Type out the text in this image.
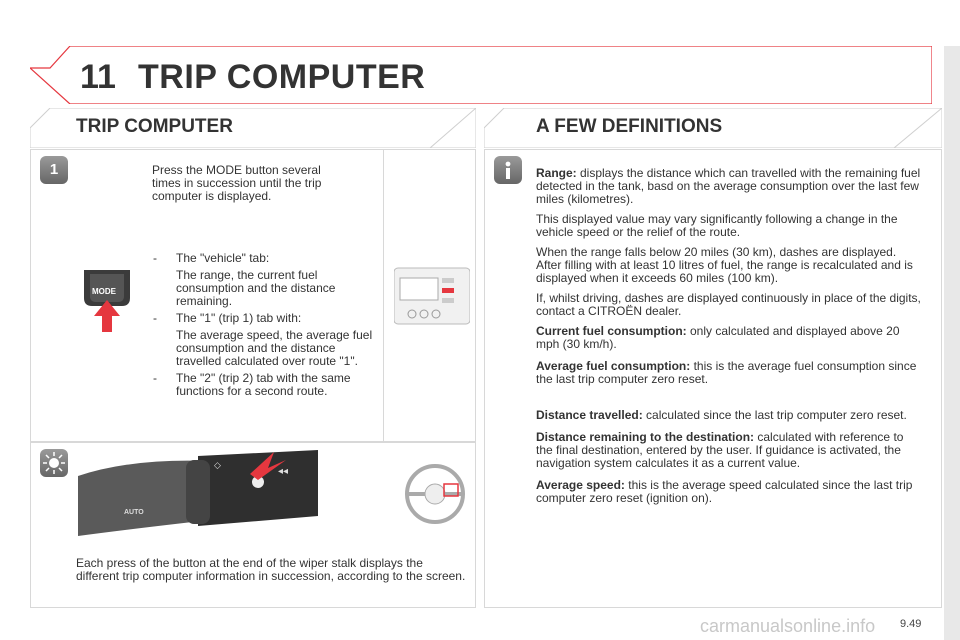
11 TRIP COMPUTER
TRIP COMPUTER	A FEW DEFINITIONS
1	Press the MODE button several times in succession until the trip computer is displayed.
MODE
-	The "vehicle" tab:
The range, the current fuel consumption and the distance remaining.
-	The "1" (trip 1) tab with:
The average speed, the average fuel consumption and the distance travelled calculated over route "1".
-	The "2" (trip 2) tab with the same functions for a second route.
◇
◂◂
AUTO
Each press of the button at the end of the wiper stalk displays the different trip computer information in succession, according to the screen.
Range: displays the distance which can travelled with the remaining fuel detected in the tank, basd on the average consumption over the last few miles (kilometres).
This displayed value may vary significantly following a change in the vehicle speed or the relief of the route.
When the range falls below 20 miles (30 km), dashes are displayed. After filling with at least 10 litres of fuel, the range is recalculated and is displayed when it exceeds 60 miles (100 km).
If, whilst driving, dashes are displayed continuously in place of the digits, contact a CITROËN dealer.
Current fuel consumption: only calculated and displayed above 20 mph (30 km/h).
Average fuel consumption: this is the average fuel consumption since the last trip computer zero reset.
Distance travelled: calculated since the last trip computer zero reset.
Distance remaining to the destination: calculated with reference to the final destination, entered by the user. If guidance is activated, the navigation system calculates it as a current value.
Average speed: this is the average speed calculated since the last trip computer zero reset (ignition on).
carmanualsonline.info 9.49
